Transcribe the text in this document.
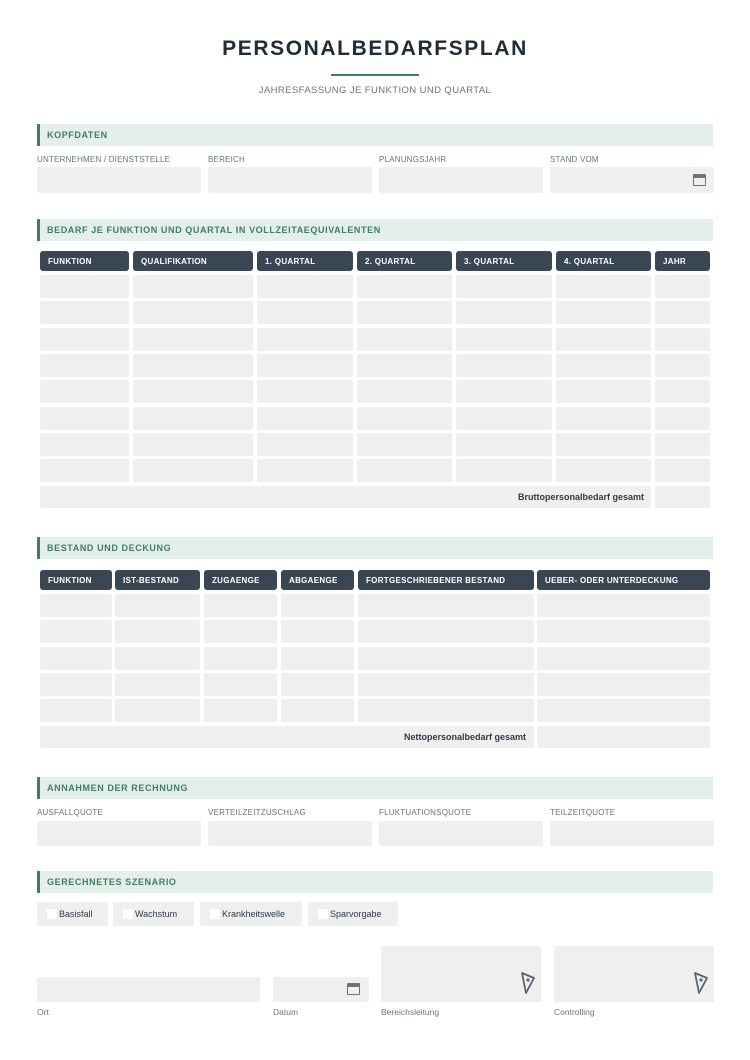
PERSONALBEDARFSPLAN
JAHRESFASSUNG JE FUNKTION UND QUARTAL
KOPFDATEN
UNTERNEHMEN / DIENSTSTELLE	BEREICH	PLANUNGSJAHR	STAND VOM
BEDARF JE FUNKTION UND QUARTAL IN VOLLZEITAEQUIVALENTEN
FUNKTION	QUALIFIKATION	1. QUARTAL	2. QUARTAL	3. QUARTAL	4. QUARTAL	JAHR
Bruttopersonalbedarf gesamt
BESTAND UND DECKUNG
FUNKTION	IST-BESTAND	ZUGAENGE	ABGAENGE	FORTGESCHRIEBENER BESTAND	UEBER- ODER UNTERDECKUNG
Nettopersonalbedarf gesamt
ANNAHMEN DER RECHNUNG
AUSFALLQUOTE	VERTEILZEITZUSCHLAG	FLUKTUATIONSQUOTE	TEILZEITQUOTE
GERECHNETES SZENARIO
Basisfall	Wachstum	Krankheitswelle	Sparvorgabe
Ort	Datum	Bereichsleitung	Controlling
